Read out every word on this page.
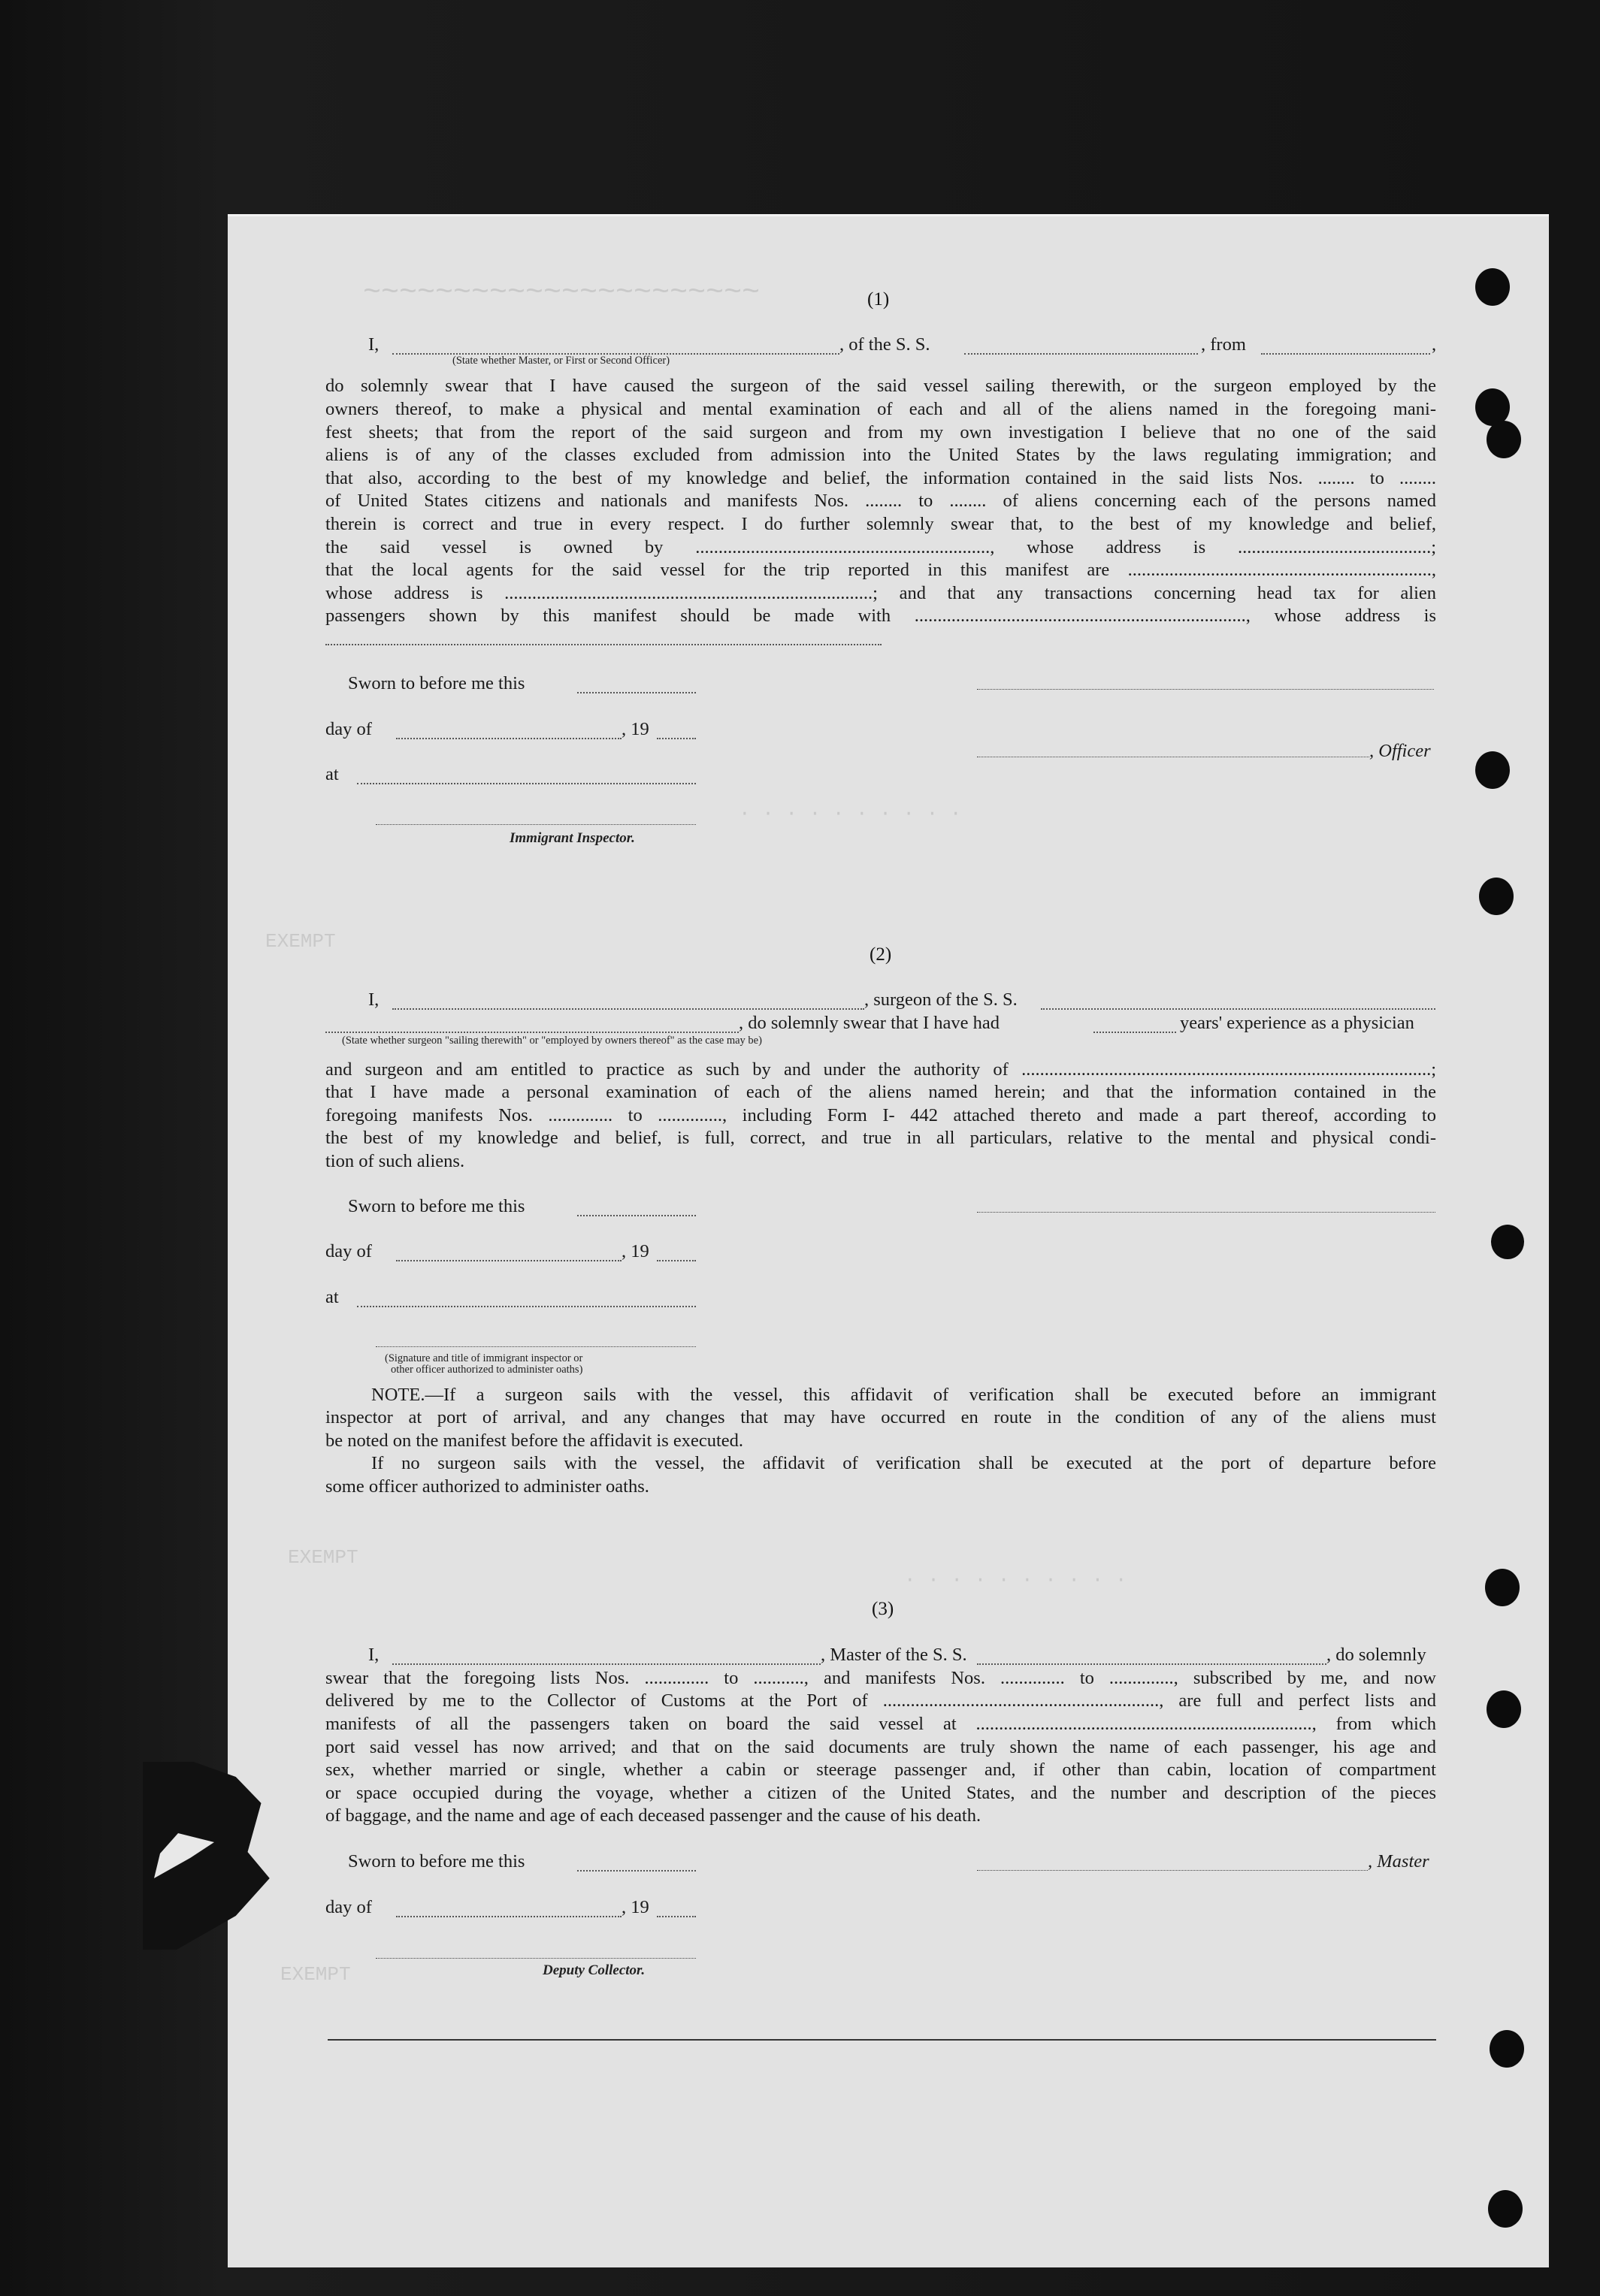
~~~~~~~~~~~~~~~~~~~~~~
· · · · · · · · · ·
· · · · · · · · · ·
EXEMPT
EXEMPT
EXEMPT
(1)
I,	, of the S. S.	, from	,
(State whether Master, or First or Second Officer)
do solemnly swear that I have caused the surgeon of the said vessel sailing therewith, or the surgeon employed by the
owners thereof, to make a physical and mental examination of each and all of the aliens named in the foregoing mani-
fest sheets; that from the report of the said surgeon and from my own investigation I believe that no one of the said
aliens is of any of the classes excluded from admission into the United States by the laws regulating immigration; and
that also, according to the best of my knowledge and belief, the information contained in the said lists Nos. ........ to ........
of United States citizens and nationals and manifests Nos. ........ to ........ of aliens concerning each of the persons named
therein is correct and true in every respect. I do further solemnly swear that, to the best of my knowledge and belief,
the said vessel is owned by ................................................................, whose address is ..........................................;
that the local agents for the said vessel for the trip reported in this manifest are ..................................................................,
whose address is ................................................................................; and that any transactions concerning head tax for alien
passengers shown by this manifest should be made with ........................................................................, whose address is
Sworn to before me this
day of	, 19
at
Immigrant Inspector.
, Officer
(2)
I,	, surgeon of the S. S.
, do solemnly swear that I have had	years' experience as a physician
(State whether surgeon "sailing therewith" or "employed by owners thereof" as the case may be)
and surgeon and am entitled to practice as such by and under the authority of .........................................................................................;
that I have made a personal examination of each of the aliens named herein; and that the information contained in the
foregoing manifests Nos. .............. to .............., including Form I- 442 attached thereto and made a part thereof, according to
the best of my knowledge and belief, is full, correct, and true in all particulars, relative to the mental and physical condi-
tion of such aliens.
Sworn to before me this
day of	, 19
at
(Signature and title of immigrant inspector or
other officer authorized to administer oaths)
NOTE.—If a surgeon sails with the vessel, this affidavit of verification shall be executed before an immigrant
inspector at port of arrival, and any changes that may have occurred en route in the condition of any of the aliens must
be noted on the manifest before the affidavit is executed.
If no surgeon sails with the vessel, the affidavit of verification shall be executed at the port of departure before
some officer authorized to administer oaths.
(3)
I,	, Master of the S. S.	, do solemnly
swear that the foregoing lists Nos. .............. to ..........., and manifests Nos. .............. to .............., subscribed by me, and now
delivered by me to the Collector of Customs at the Port of ............................................................, are full and perfect lists and
manifests of all the passengers taken on board the said vessel at ........................................................................., from which
port said vessel has now arrived; and that on the said documents are truly shown the name of each passenger, his age and
sex, whether married or single, whether a cabin or steerage passenger and, if other than cabin, location of compartment
or space occupied during the voyage, whether a citizen of the United States, and the number and description of the pieces
of baggage, and the name and age of each deceased passenger and the cause of his death.
Sworn to before me this	, Master
day of	, 19
Deputy Collector.
